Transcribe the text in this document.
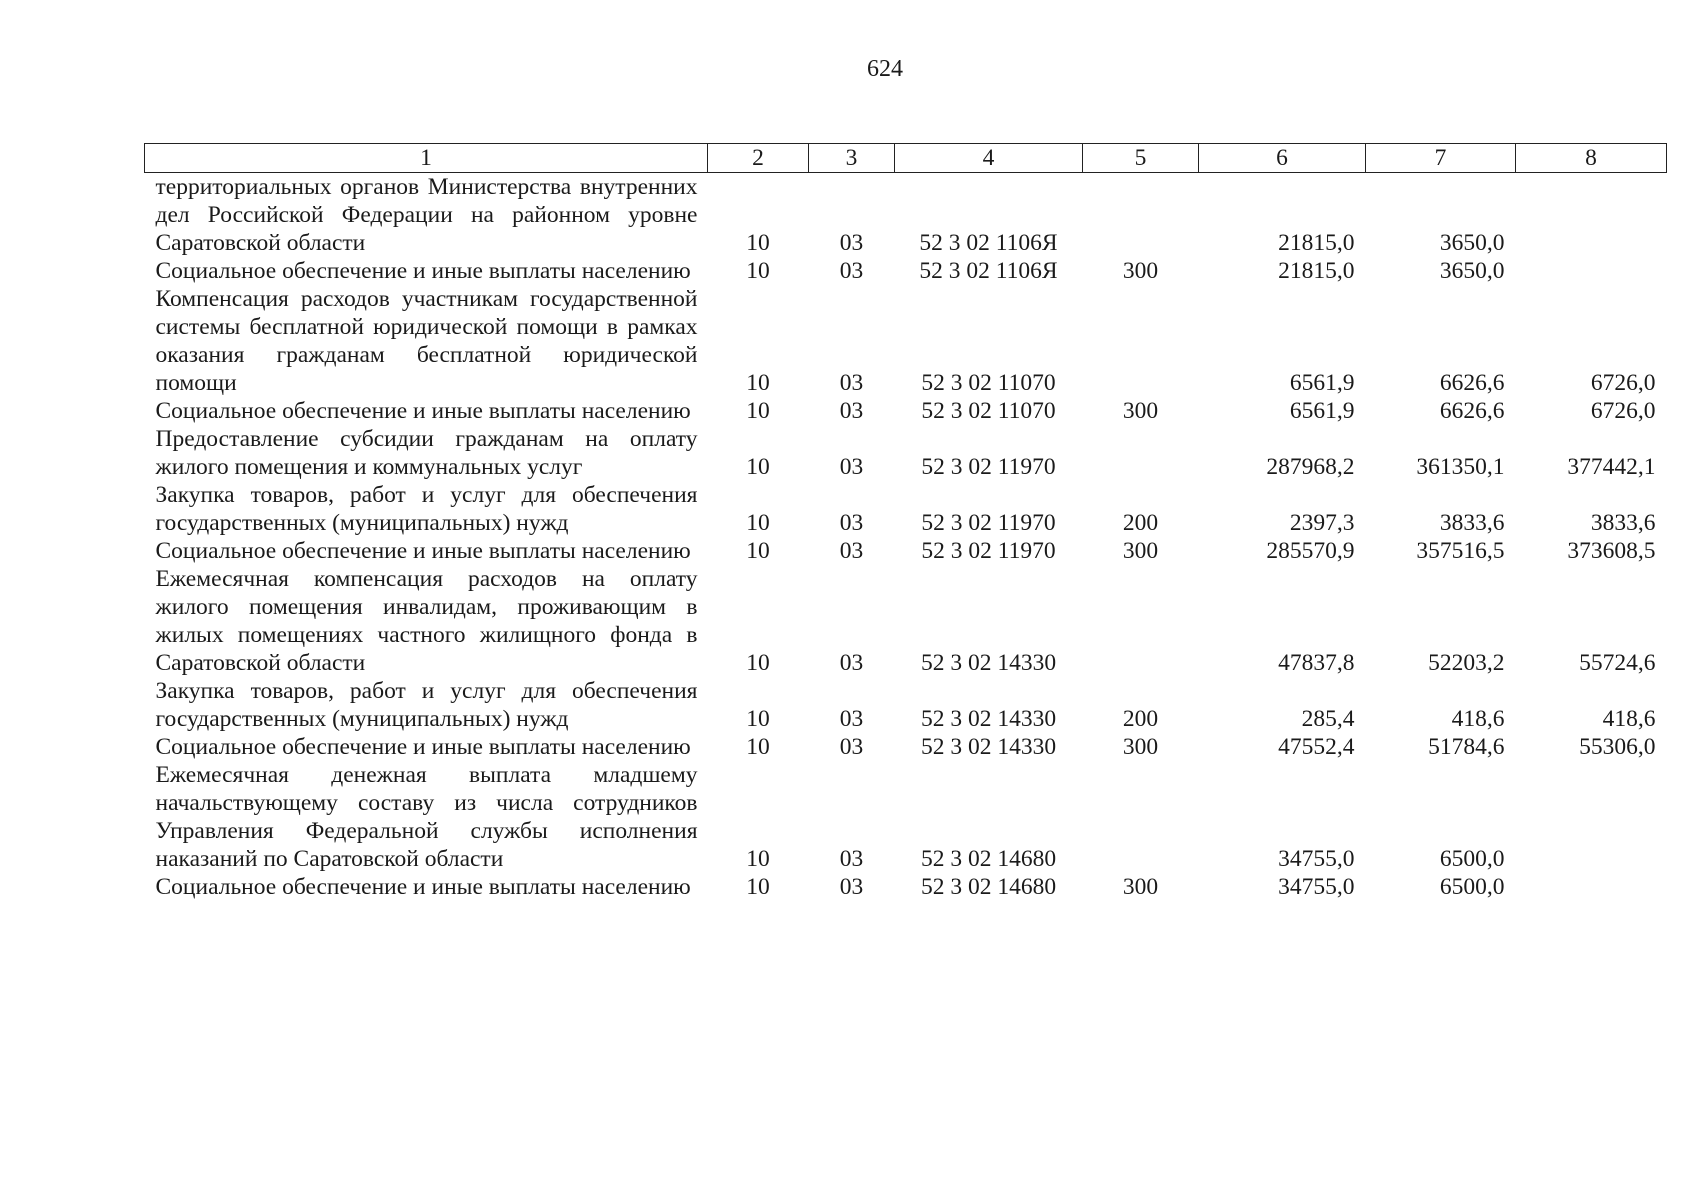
624
1	2	3	4	5	6	7	8
территориальных органов Министерства внутренних дел Российской Федерации на районном уровне Саратовской области	10	03	52 3 02 1106Я		21815,0	3650,0	
Социальное обеспечение и иные выплаты населению	10	03	52 3 02 1106Я	300	21815,0	3650,0	
Компенсация расходов участникам государственной системы бесплатной юридической помощи в рамках оказания гражданам бесплатной юридической помощи	10	03	52 3 02 11070		6561,9	6626,6	6726,0
Социальное обеспечение и иные выплаты населению	10	03	52 3 02 11070	300	6561,9	6626,6	6726,0
Предоставление субсидии гражданам на оплату жилого помещения и коммунальных услуг	10	03	52 3 02 11970		287968,2	361350,1	377442,1
Закупка товаров, работ и услуг для обеспечения государственных (муниципальных) нужд	10	03	52 3 02 11970	200	2397,3	3833,6	3833,6
Социальное обеспечение и иные выплаты населению	10	03	52 3 02 11970	300	285570,9	357516,5	373608,5
Ежемесячная компенсация расходов на оплату жилого помещения инвалидам, проживающим в жилых помещениях частного жилищного фонда в Саратовской области	10	03	52 3 02 14330		47837,8	52203,2	55724,6
Закупка товаров, работ и услуг для обеспечения государственных (муниципальных) нужд	10	03	52 3 02 14330	200	285,4	418,6	418,6
Социальное обеспечение и иные выплаты населению	10	03	52 3 02 14330	300	47552,4	51784,6	55306,0
Ежемесячная денежная выплата младшему начальствующему составу из числа сотрудников Управления Федеральной службы исполнения наказаний по Саратовской области	10	03	52 3 02 14680		34755,0	6500,0	
Социальное обеспечение и иные выплаты населению	10	03	52 3 02 14680	300	34755,0	6500,0	
